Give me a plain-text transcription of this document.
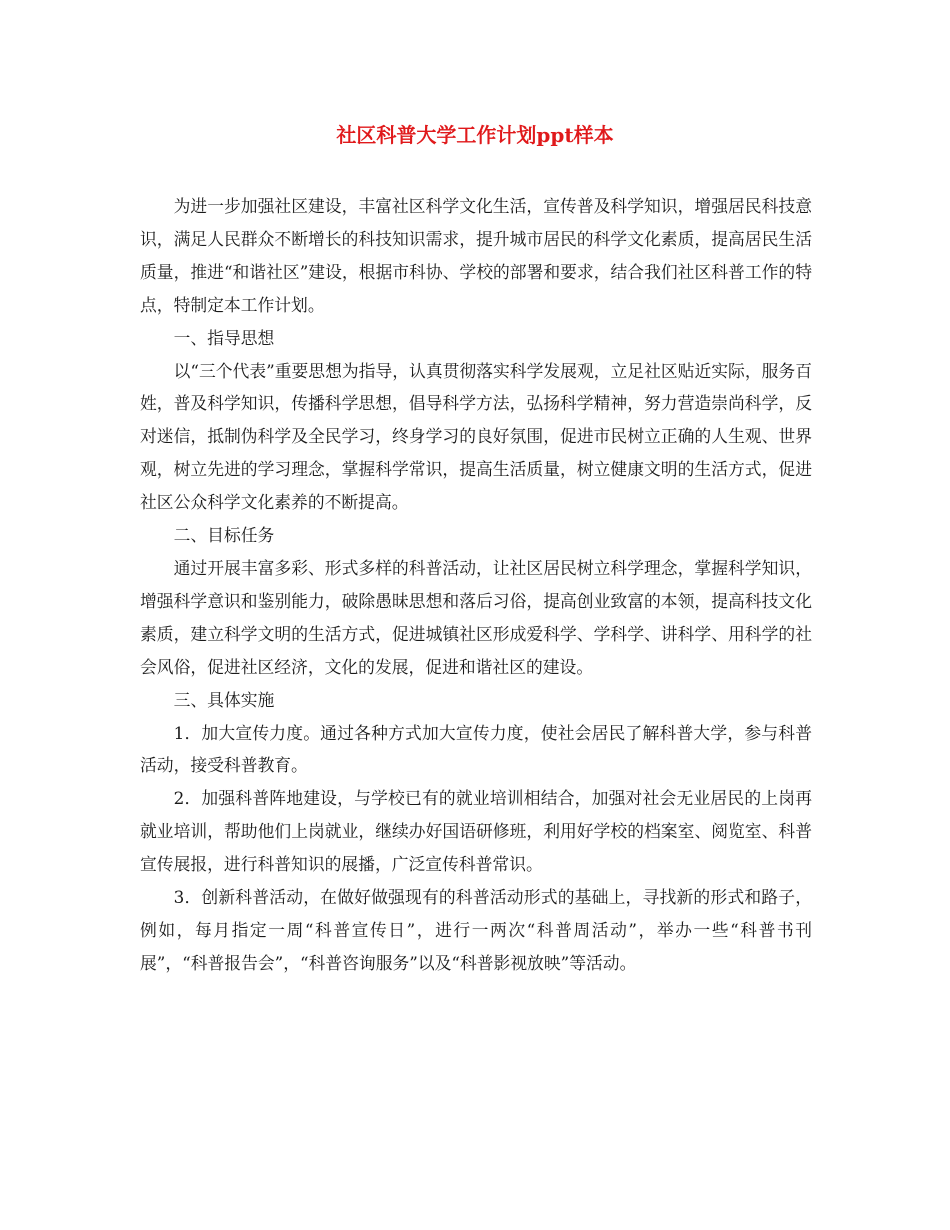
社区科普大学工作计划ppt样本

为进一步加强社区建设，丰富社区科学文化生活，宣传普及科学知识，增强居民科技意识，满足人民群众不断增长的科技知识需求，提升城市居民的科学文化素质，提高居民生活质量，推进“和谐社区”建设，根据市科协、学校的部署和要求，结合我们社区科普工作的特点，特制定本工作计划。

一、指导思想

以“三个代表”重要思想为指导，认真贯彻落实科学发展观，立足社区贴近实际，服务百姓，普及科学知识，传播科学思想，倡导科学方法，弘扬科学精神，努力营造崇尚科学，反对迷信，抵制伪科学及全民学习，终身学习的良好氛围，促进市民树立正确的人生观、世界观，树立先进的学习理念，掌握科学常识，提高生活质量，树立健康文明的生活方式，促进社区公众科学文化素养的不断提高。

二、目标任务

通过开展丰富多彩、形式多样的科普活动，让社区居民树立科学理念，掌握科学知识，增强科学意识和鉴别能力，破除愚昧思想和落后习俗，提高创业致富的本领，提高科技文化素质，建立科学文明的生活方式，促进城镇社区形成爱科学、学科学、讲科学、用科学的社会风俗，促进社区经济，文化的发展，促进和谐社区的建设。

三、具体实施

1．加大宣传力度。通过各种方式加大宣传力度，使社会居民了解科普大学，参与科普活动，接受科普教育。

2．加强科普阵地建设，与学校已有的就业培训相结合，加强对社会无业居民的上岗再就业培训，帮助他们上岗就业，继续办好国语研修班，利用好学校的档案室、阅览室、科普宣传展报，进行科普知识的展播，广泛宣传科普常识。

3．创新科普活动，在做好做强现有的科普活动形式的基础上，寻找新的形式和路子，例如，每月指定一周“科普宣传日”，进行一两次“科普周活动”，举办一些“科普书刊展”，“科普报告会”，“科普咨询服务”以及“科普影视放映”等活动。
